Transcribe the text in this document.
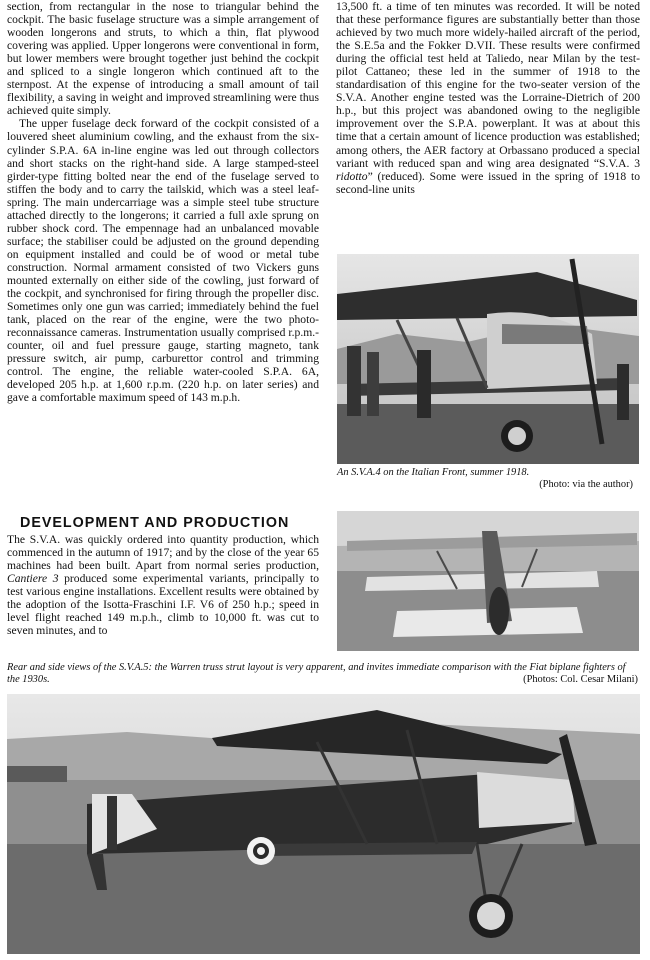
section, from rectangular in the nose to triangular behind the cockpit. The basic fuselage structure was a simple arrangement of wooden longerons and struts, to which a thin, flat plywood covering was applied. Upper longerons were conventional in form, but lower members were brought together just behind the cockpit and spliced to a single longeron which continued aft to the sternpost. At the expense of introducing a small amount of tail flexibility, a saving in weight and improved streamlining were thus achieved quite simply.

The upper fuselage deck forward of the cockpit consisted of a louvered sheet aluminium cowling, and the exhaust from the six-cylinder S.P.A. 6A in-line engine was led out through collectors and short stacks on the right-hand side. A large stamped-steel girder-type fitting bolted near the end of the fuselage served to stiffen the body and to carry the tailskid, which was a steel leaf-spring. The main undercarriage was a simple steel tube structure attached directly to the longerons; it carried a full axle sprung on rubber shock cord. The empennage had an unbalanced movable surface; the stabiliser could be adjusted on the ground depending on equipment installed and could be of wood or metal tube construction. Normal armament consisted of two Vickers guns mounted externally on either side of the cowling, just forward of the cockpit, and synchronised for firing through the propeller disc. Sometimes only one gun was carried; immediately behind the fuel tank, placed on the rear of the engine, were the two photo-reconnaissance cameras. Instrumentation usually comprised r.p.m.-counter, oil and fuel pressure gauge, starting magneto, tank pressure switch, air pump, carburettor control and trimming control. The engine, the reliable water-cooled S.P.A. 6A, developed 205 h.p. at 1,600 r.p.m. (220 h.p. on later series) and gave a comfortable maximum speed of 143 m.p.h.

DEVELOPMENT AND PRODUCTION

The S.V.A. was quickly ordered into quantity production, which commenced in the autumn of 1917; and by the close of the year 65 machines had been built. Apart from normal series production, Cantiere 3 produced some experimental variants, principally to test various engine installations. Excellent results were obtained by the adoption of the Isotta-Fraschini I.F. V6 of 250 h.p.; speed in level flight reached 149 m.p.h., climb to 10,000 ft. was cut to seven minutes, and to

13,500 ft. a time of ten minutes was recorded. It will be noted that these performance figures are substantially better than those achieved by two much more widely-hailed aircraft of the period, the S.E.5a and the Fokker D.VII. These results were confirmed during the official test held at Taliedo, near Milan by the test-pilot Cattaneo; these led in the summer of 1918 to the standardisation of this engine for the two-seater version of the S.V.A. Another engine tested was the Lorraine-Dietrich of 200 h.p., but this project was abandoned owing to the negligible improvement over the S.P.A. powerplant. It was at about this time that a certain amount of licence production was established; among others, the AER factory at Orbassano produced a special variant with reduced span and wing area designated “S.V.A. 3 ridotto” (reduced). Some were issued in the spring of 1918 to second-line units

An S.V.A.4 on the Italian Front, summer 1918.
(Photo: via the author)
Rear and side views of the S.V.A.5: the Warren truss strut layout is very apparent, and invites immediate comparison with the Fiat biplane fighters of the 1930s.	(Photos: Col. Cesar Milani)
